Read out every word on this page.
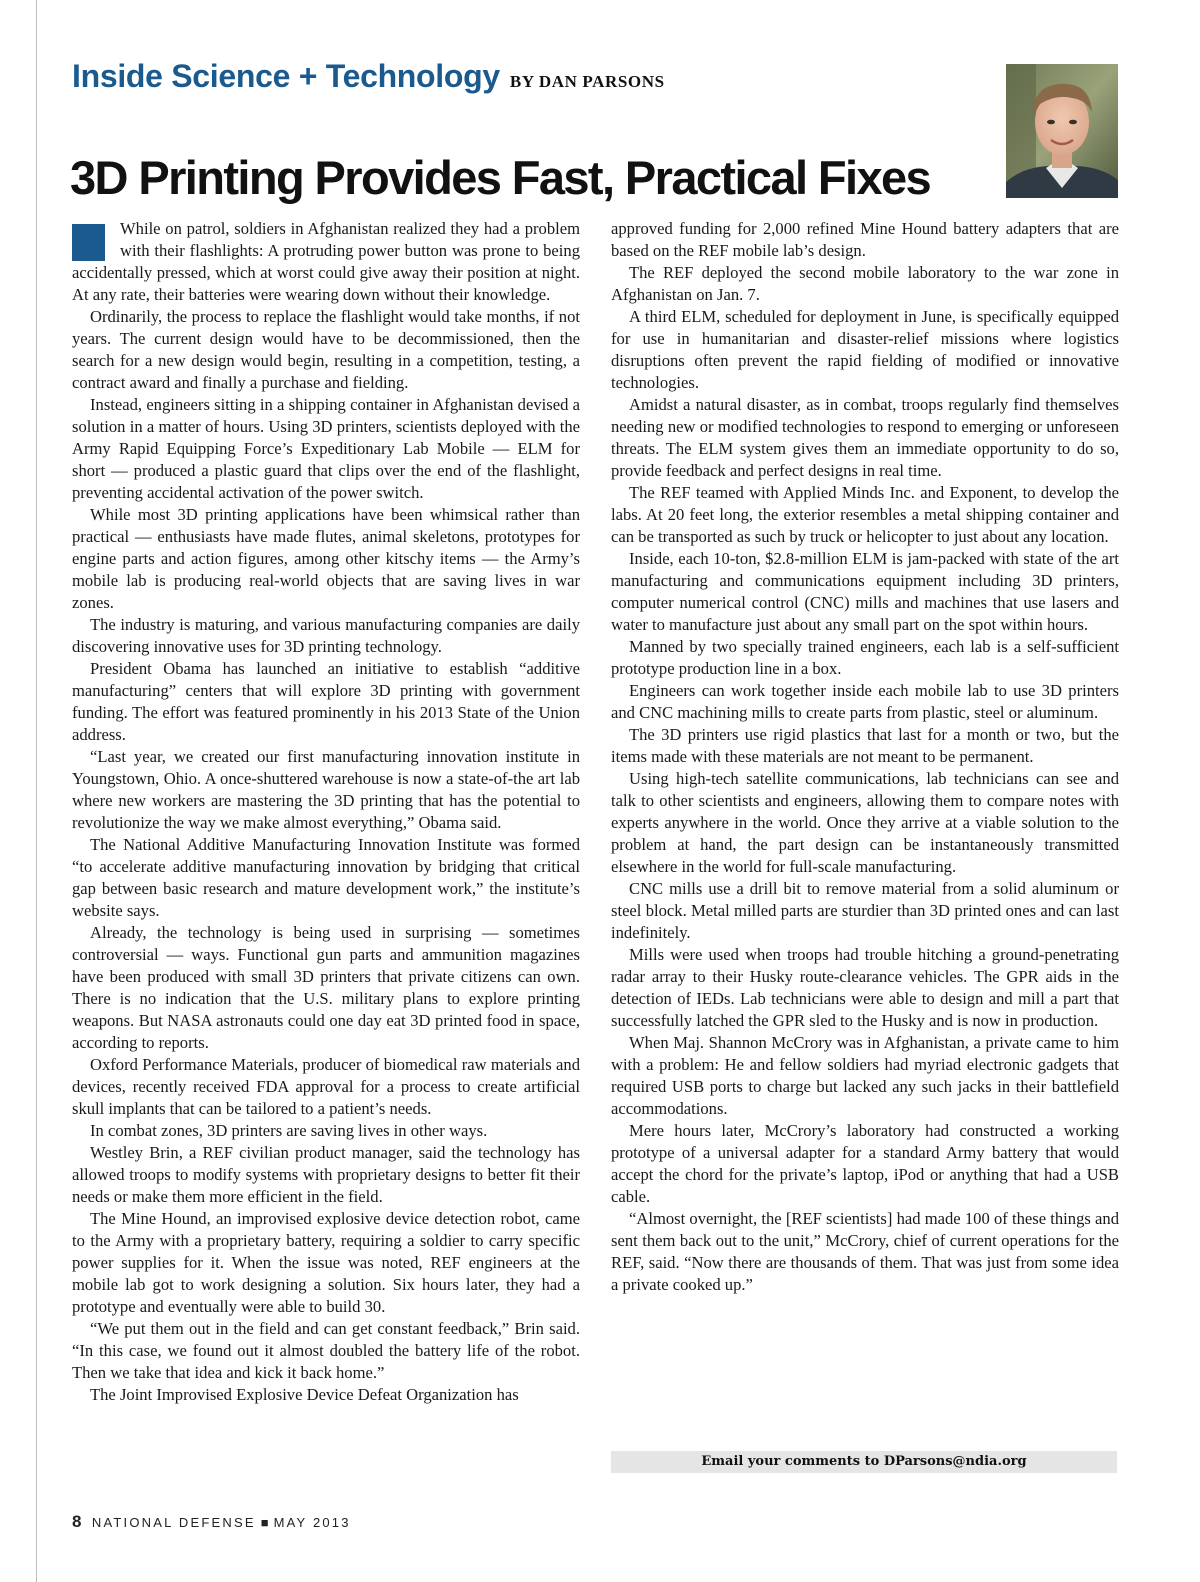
Inside Science + Technology BY DAN PARSONS
3D Printing Provides Fast, Practical Fixes

While on patrol, soldiers in Afghanistan realized they had a problem with their flashlights: A protruding power button was prone to being accidentally pressed, which at worst could give away their position at night. At any rate, their batteries were wearing down without their knowledge.

Ordinarily, the process to replace the flashlight would take months, if not years. The current design would have to be decommissioned, then the search for a new design would begin, resulting in a competition, testing, a contract award and finally a purchase and fielding.

Instead, engineers sitting in a shipping container in Afghanistan devised a solution in a matter of hours. Using 3D printers, scientists deployed with the Army Rapid Equipping Force’s Expeditionary Lab Mobile — ELM for short — produced a plastic guard that clips over the end of the flashlight, preventing accidental activation of the power switch.

While most 3D printing applications have been whimsical rather than practical — enthusiasts have made flutes, animal skeletons, prototypes for engine parts and action figures, among other kitschy items — the Army’s mobile lab is producing real-world objects that are saving lives in war zones.

The industry is maturing, and various manufacturing companies are daily discovering innovative uses for 3D printing technology.

President Obama has launched an initiative to establish “additive manufacturing” centers that will explore 3D printing with government funding. The effort was featured prominently in his 2013 State of the Union address.

“Last year, we created our first manufacturing innovation institute in Youngstown, Ohio. A once-shuttered warehouse is now a state-of-the art lab where new workers are mastering the 3D printing that has the potential to revolutionize the way we make almost everything,” Obama said.

The National Additive Manufacturing Innovation Institute was formed “to accelerate additive manufacturing innovation by bridging that critical gap between basic research and mature development work,” the institute’s website says.

Already, the technology is being used in surprising — sometimes controversial — ways. Functional gun parts and ammunition magazines have been produced with small 3D printers that private citizens can own. There is no indication that the U.S. military plans to explore printing weapons. But NASA astronauts could one day eat 3D printed food in space, according to reports.

Oxford Performance Materials, producer of biomedical raw materials and devices, recently received FDA approval for a process to create artificial skull implants that can be tailored to a patient’s needs.

In combat zones, 3D printers are saving lives in other ways.

Westley Brin, a REF civilian product manager, said the technology has allowed troops to modify systems with proprietary designs to better fit their needs or make them more efficient in the field.

The Mine Hound, an improvised explosive device detection robot, came to the Army with a proprietary battery, requiring a soldier to carry specific power supplies for it. When the issue was noted, REF engineers at the mobile lab got to work designing a solution. Six hours later, they had a prototype and eventually were able to build 30.

“We put them out in the field and can get constant feedback,” Brin said. “In this case, we found out it almost doubled the battery life of the robot. Then we take that idea and kick it back home.”

The Joint Improvised Explosive Device Defeat Organization has

approved funding for 2,000 refined Mine Hound battery adapters that are based on the REF mobile lab’s design.

The REF deployed the second mobile laboratory to the war zone in Afghanistan on Jan. 7.

A third ELM, scheduled for deployment in June, is specifically equipped for use in humanitarian and disaster-relief missions where logistics disruptions often prevent the rapid fielding of modified or innovative technologies.

Amidst a natural disaster, as in combat, troops regularly find themselves needing new or modified technologies to respond to emerging or unforeseen threats. The ELM system gives them an immediate opportunity to do so, provide feedback and perfect designs in real time.

The REF teamed with Applied Minds Inc. and Exponent, to develop the labs. At 20 feet long, the exterior resembles a metal shipping container and can be transported as such by truck or helicopter to just about any location.

Inside, each 10-ton, $2.8-million ELM is jam-packed with state of the art manufacturing and communications equipment including 3D printers, computer numerical control (CNC) mills and machines that use lasers and water to manufacture just about any small part on the spot within hours.

Manned by two specially trained engineers, each lab is a self-sufficient prototype production line in a box.

Engineers can work together inside each mobile lab to use 3D printers and CNC machining mills to create parts from plastic, steel or aluminum.

The 3D printers use rigid plastics that last for a month or two, but the items made with these materials are not meant to be permanent.

Using high-tech satellite communications, lab technicians can see and talk to other scientists and engineers, allowing them to compare notes with experts anywhere in the world. Once they arrive at a viable solution to the problem at hand, the part design can be instantaneously transmitted elsewhere in the world for full-scale manufacturing.

CNC mills use a drill bit to remove material from a solid aluminum or steel block. Metal milled parts are sturdier than 3D printed ones and can last indefinitely.

Mills were used when troops had trouble hitching a ground-penetrating radar array to their Husky route-clearance vehicles. The GPR aids in the detection of IEDs. Lab technicians were able to design and mill a part that successfully latched the GPR sled to the Husky and is now in production.

When Maj. Shannon McCrory was in Afghanistan, a private came to him with a problem: He and fellow soldiers had myriad electronic gadgets that required USB ports to charge but lacked any such jacks in their battlefield accommodations.

Mere hours later, McCrory’s laboratory had constructed a working prototype of a universal adapter for a standard Army battery that would accept the chord for the private’s laptop, iPod or anything that had a USB cable.

“Almost overnight, the [REF scientists] had made 100 of these things and sent them back out to the unit,” McCrory, chief of current operations for the REF, said. “Now there are thousands of them. That was just from some idea a private cooked up.”

Email your comments to DParsons@ndia.org
8 NATIONAL DEFENSE ■ MAY 2013
